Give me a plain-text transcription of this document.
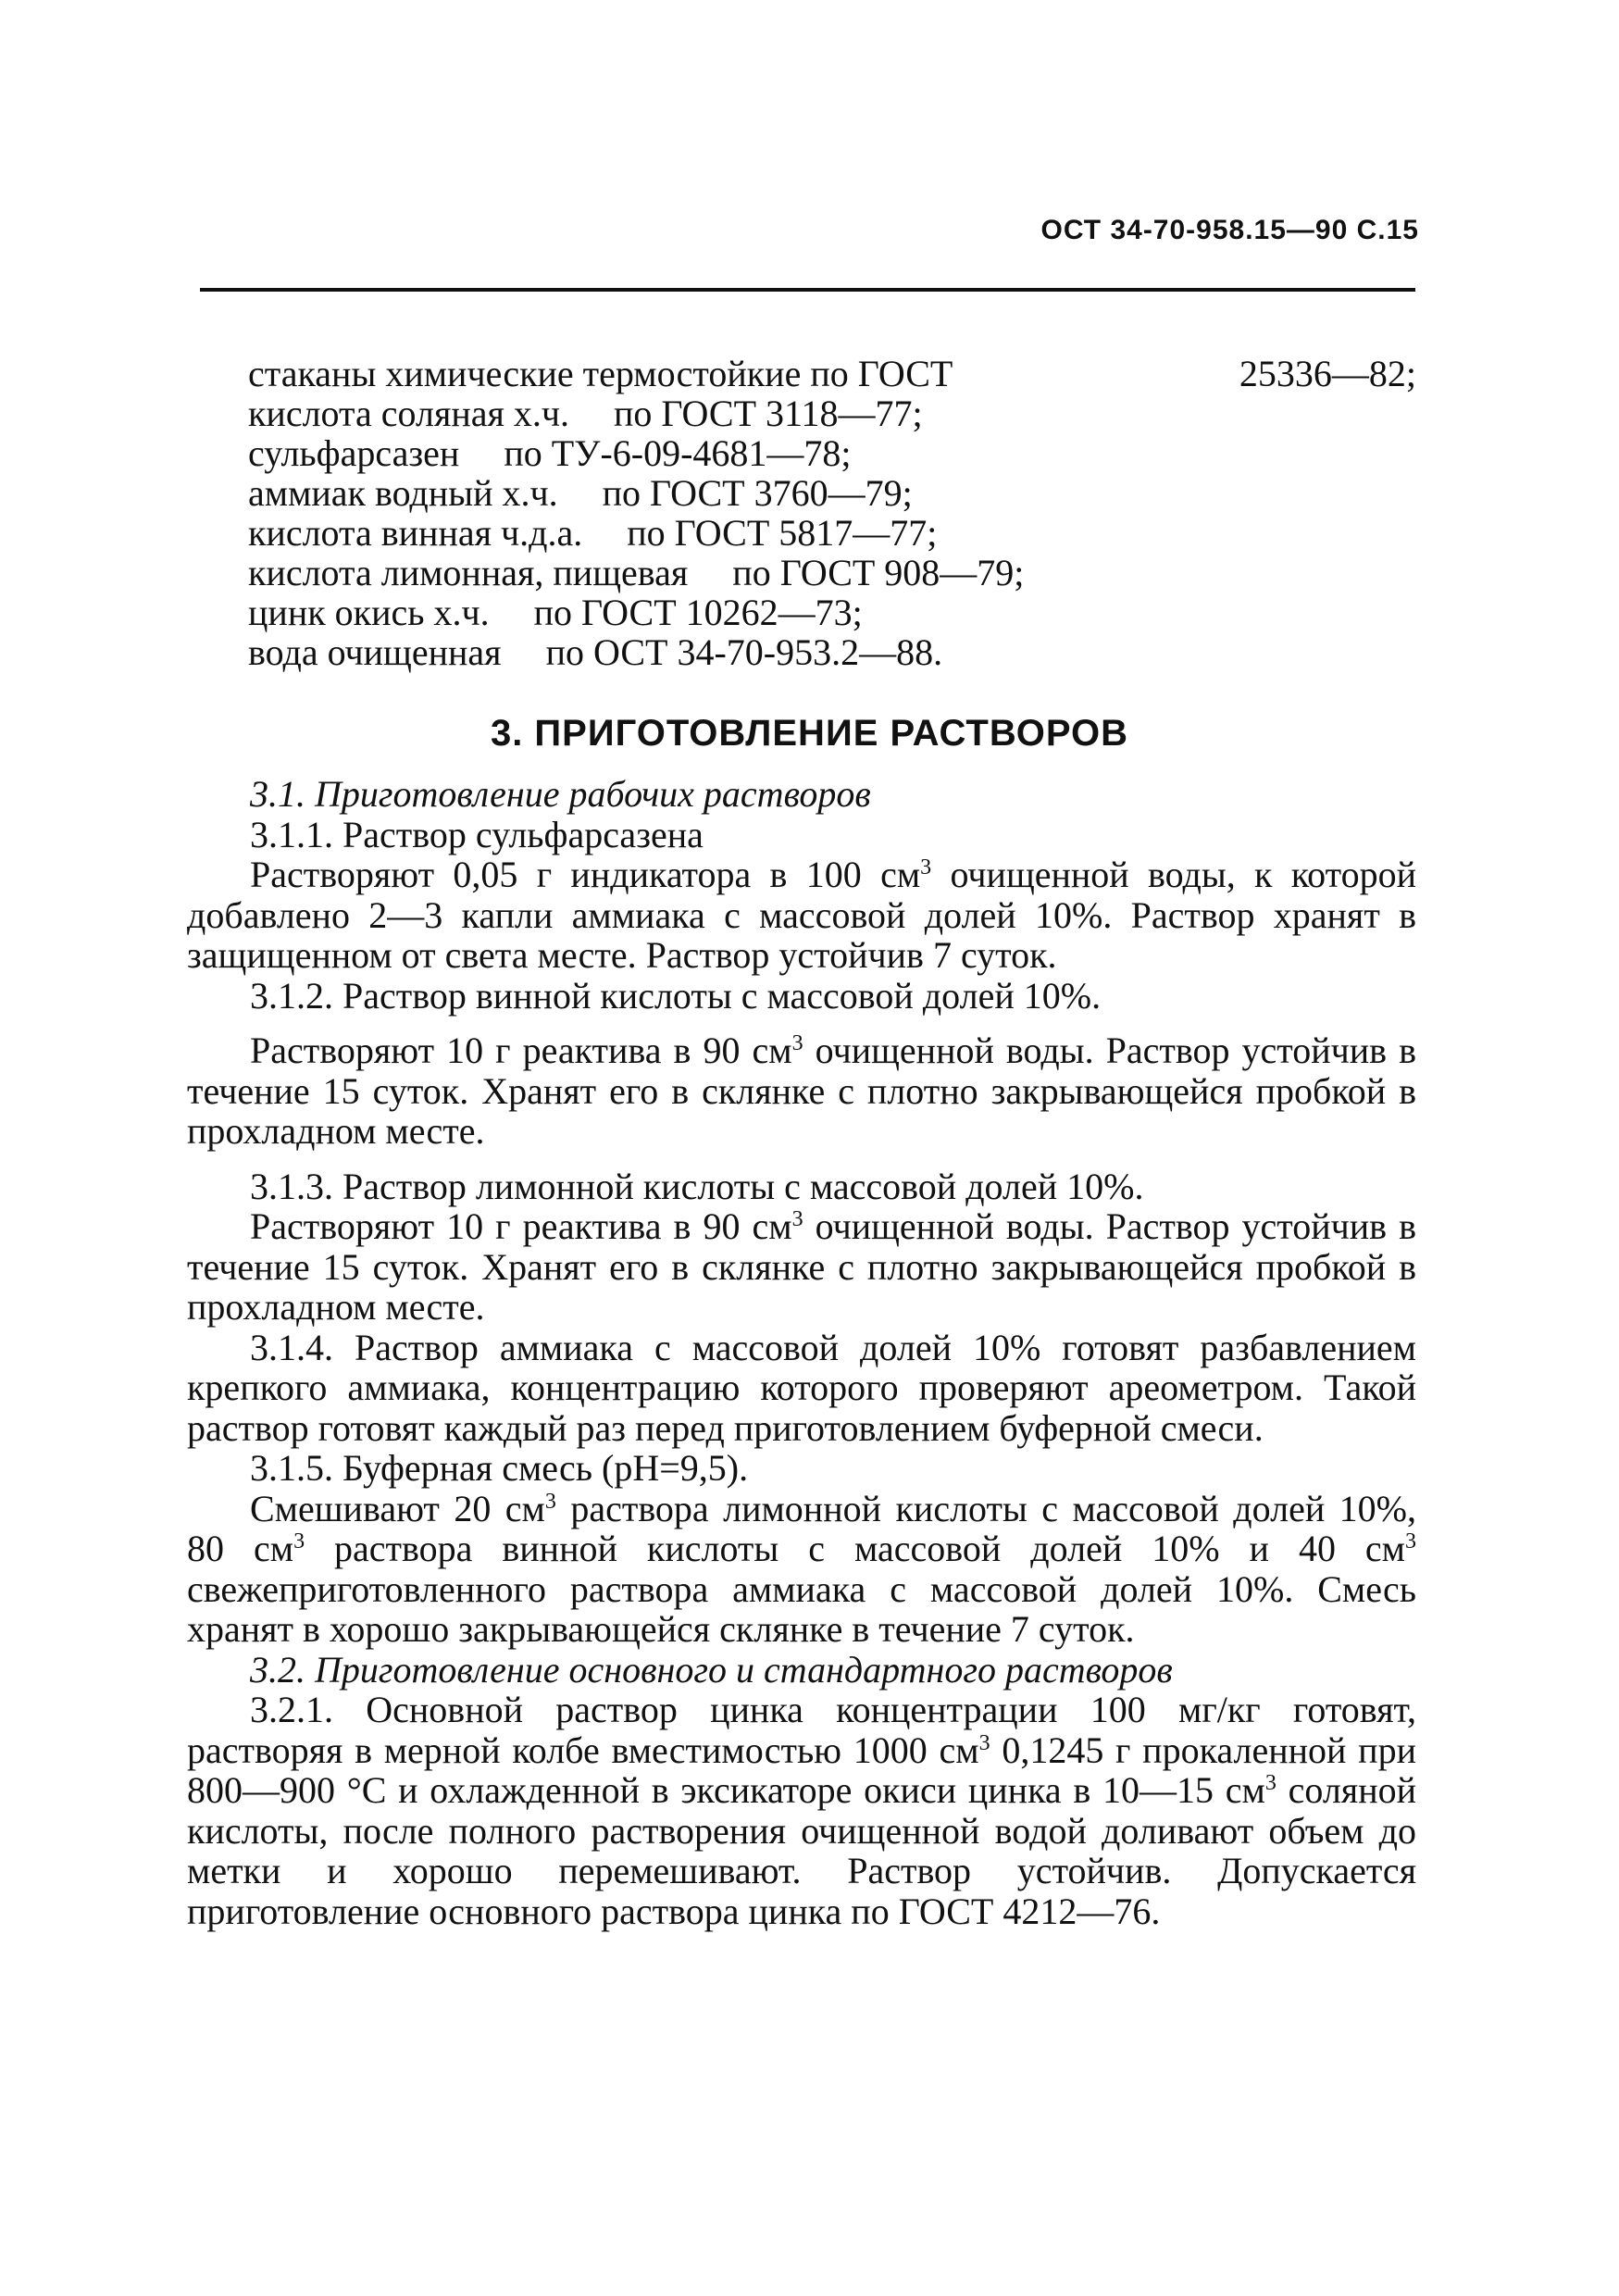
ОСТ 34-70-958.15—90 С.15
стаканы химические термостойкие по ГОСТ	25336—82;
кислота соляная х.ч. по ГОСТ 3118—77;
сульфарсазен по ТУ-6-09-4681—78;
аммиак водный х.ч. по ГОСТ 3760—79;
кислота винная ч.д.а. по ГОСТ 5817—77;
кислота лимонная, пищевая по ГОСТ 908—79;
цинк окись х.ч. по ГОСТ 10262—73;
вода очищенная по ОСТ 34-70-953.2—88.
3. ПРИГОТОВЛЕНИЕ РАСТВОРОВ

3.1. Приготовление рабочих растворов

3.1.1. Раствор сульфарсазена

Растворяют 0,05 г индикатора в 100 $см^3$ очищенной воды, к которой добавлено 2—3 капли аммиака с массовой долей 10%. Раствор хранят в защищенном от света месте. Раствор устойчив 7 суток.

3.1.2. Раствор винной кислоты с массовой долей 10%.

Растворяют 10 г реактива в 90 $см^3$ очищенной воды. Раствор устойчив в течение 15 суток. Хранят его в склянке с плотно закрывающейся пробкой в прохладном месте.

3.1.3. Раствор лимонной кислоты с массовой долей 10%.

Растворяют 10 г реактива в 90 $см^3$ очищенной воды. Раствор устойчив в течение 15 суток. Хранят его в склянке с плотно закрывающейся пробкой в прохладном месте.

3.1.4. Раствор аммиака с массовой долей 10% готовят разбавлением крепкого аммиака, концентрацию которого проверяют ареометром. Такой раствор готовят каждый раз перед приготовлением буферной смеси.

3.1.5. Буферная смесь (рН=9,5).

Смешивают 20 $см^3$ раствора лимонной кислоты с массовой долей 10%, 80 $см^3$ раствора винной кислоты с массовой долей 10% и 40 $см^3$ свежеприготовленного раствора аммиака с массовой долей 10%. Смесь хранят в хорошо закрывающейся склянке в течение 7 суток.

3.2. Приготовление основного и стандартного растворов

3.2.1. Основной раствор цинка концентрации 100 мг/кг готовят, растворяя в мерной колбе вместимостью 1000 $см^3$ 0,1245 г прокаленной при 800—900 °С и охлажденной в эксикаторе окиси цинка в 10—15 $см^3$ соляной кислоты, после полного растворения очищенной водой доливают объем до метки и хорошо перемешивают. Раствор устойчив. Допускается приготовление основного раствора цинка по ГОСТ 4212—76.
